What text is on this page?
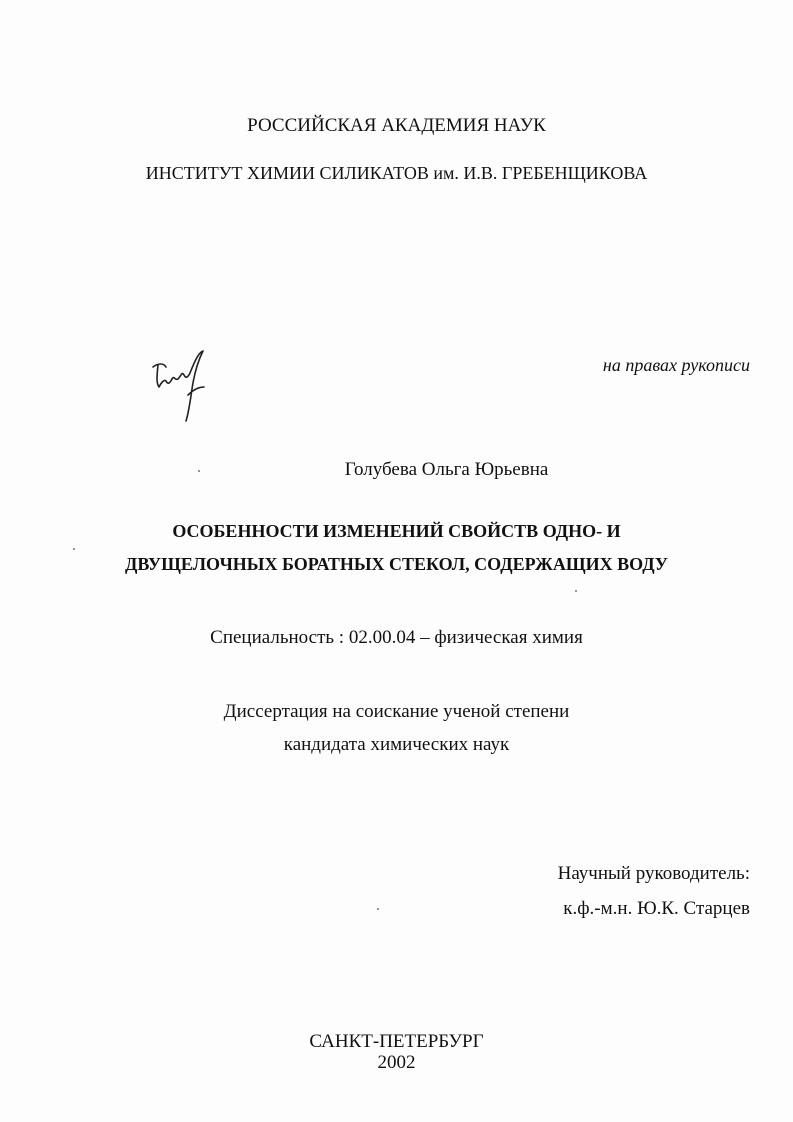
РОССИЙСКАЯ АКАДЕМИЯ НАУК
ИНСТИТУТ ХИМИИ СИЛИКАТОВ им. И.В. ГРЕБЕНЩИКОВА
на правах рукописи
Голубева Ольга Юрьевна
ОСОБЕННОСТИ ИЗМЕНЕНИЙ СВОЙСТВ ОДНО- И
ДВУЩЕЛОЧНЫХ БОРАТНЫХ СТЕКОЛ, СОДЕРЖАЩИХ ВОДУ
Специальность : 02.00.04 – физическая химия
Диссертация на соискание ученой степени
кандидата химических наук
Научный руководитель:
к.ф.-м.н. Ю.К. Старцев
САНКТ-ПЕТЕРБУРГ
2002
